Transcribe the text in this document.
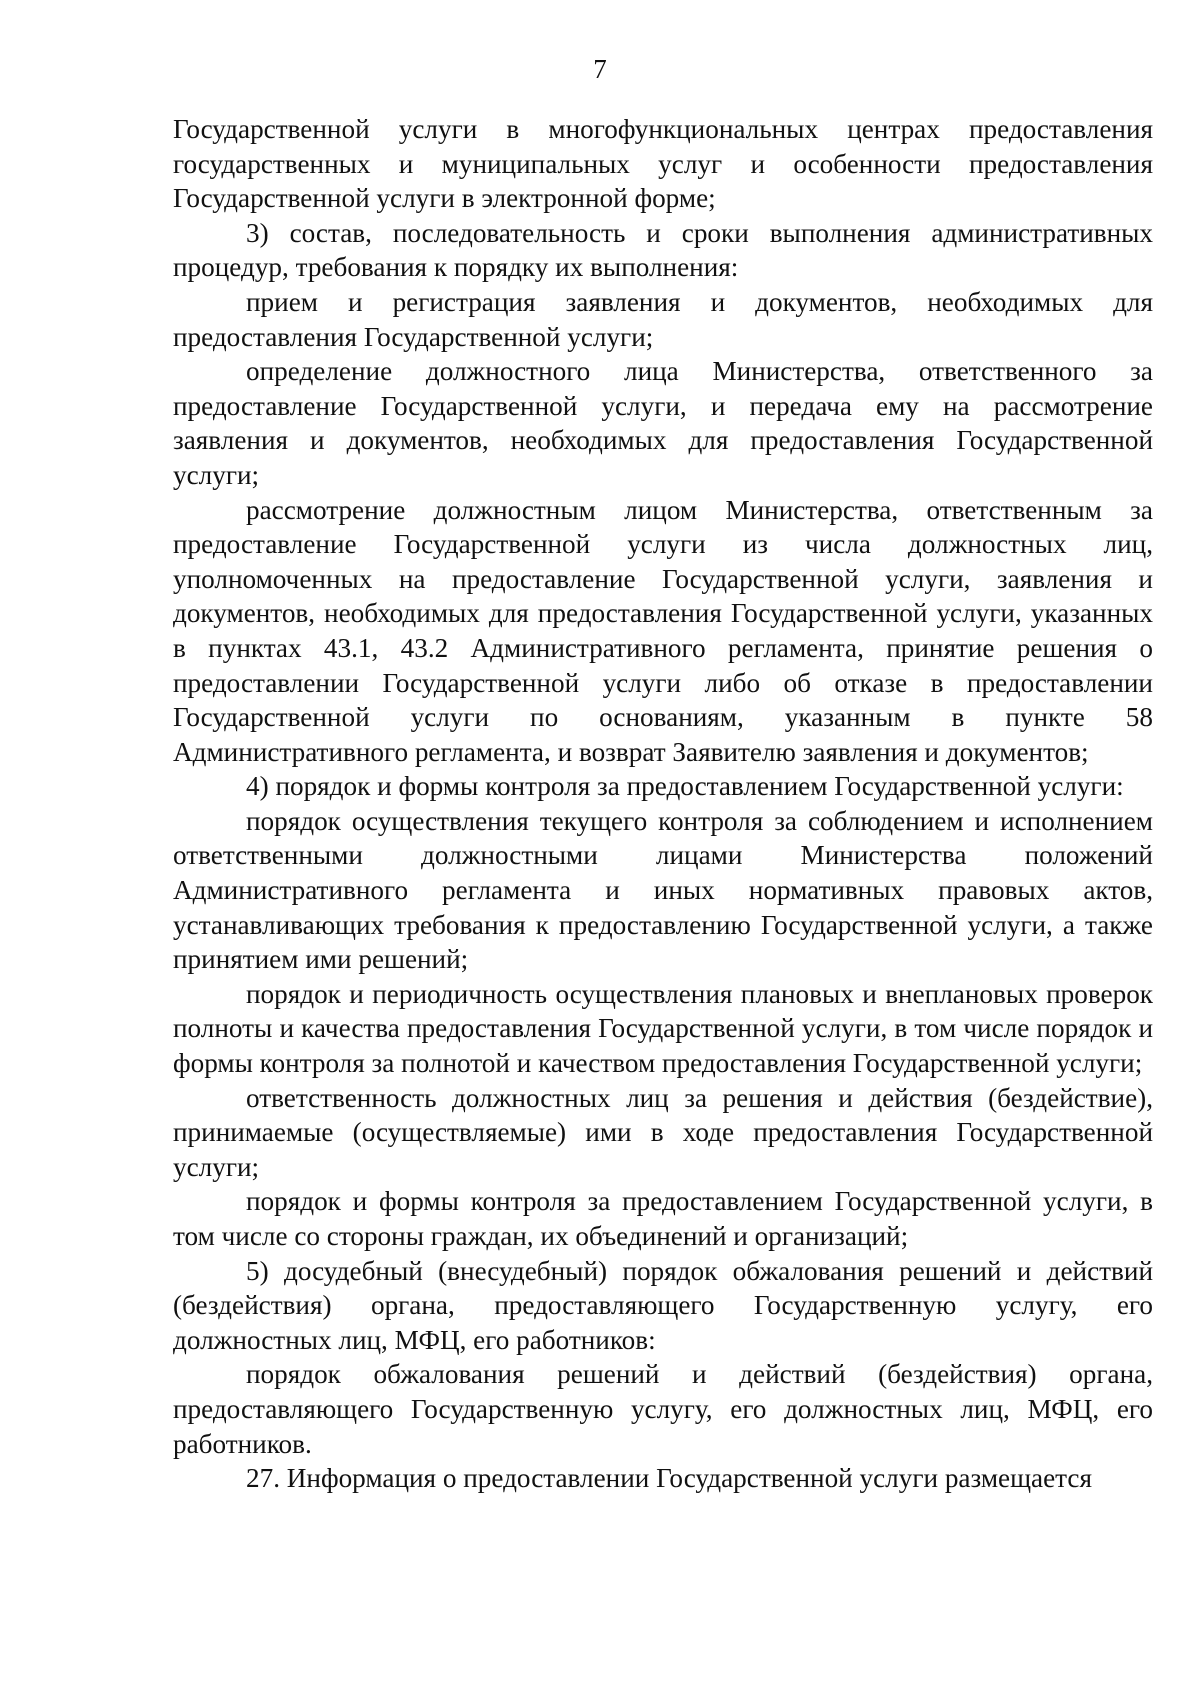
7

Государственной услуги в многофункциональных центрах предоставления государственных и муниципальных услуг и особенности предоставления Государственной услуги в электронной форме;

3) состав, последовательность и сроки выполнения административных процедур, требования к порядку их выполнения:

прием и регистрация заявления и документов, необходимых для предоставления Государственной услуги;

определение должностного лица Министерства, ответственного за предоставление Государственной услуги, и передача ему на рассмотрение заявления и документов, необходимых для предоставления Государственной услуги;

рассмотрение должностным лицом Министерства, ответственным за предоставление Государственной услуги из числа должностных лиц, уполномоченных на предоставление Государственной услуги, заявления и документов, необходимых для предоставления Государственной услуги, указанных в пунктах 43.1, 43.2 Административного регламента, принятие решения о предоставлении Государственной услуги либо об отказе в предоставлении Государственной услуги по основаниям, указанным в пункте 58 Административного регламента, и возврат Заявителю заявления и документов;

4) порядок и формы контроля за предоставлением Государственной услуги:

порядок осуществления текущего контроля за соблюдением и исполнением ответственными должностными лицами Министерства положений Административного регламента и иных нормативных правовых актов, устанавливающих требования к предоставлению Государственной услуги, а также принятием ими решений;

порядок и периодичность осуществления плановых и внеплановых проверок полноты и качества предоставления Государственной услуги, в том числе порядок и формы контроля за полнотой и качеством предоставления Государственной услуги;

ответственность должностных лиц за решения и действия (бездействие), принимаемые (осуществляемые) ими в ходе предоставления Государственной услуги;

порядок и формы контроля за предоставлением Государственной услуги, в том числе со стороны граждан, их объединений и организаций;

5) досудебный (внесудебный) порядок обжалования решений и действий (бездействия) органа, предоставляющего Государственную услугу, его должностных лиц, МФЦ, его работников:

порядок обжалования решений и действий (бездействия) органа, предоставляющего Государственную услугу, его должностных лиц, МФЦ, его работников.

27. Информация о предоставлении Государственной услуги размещается
